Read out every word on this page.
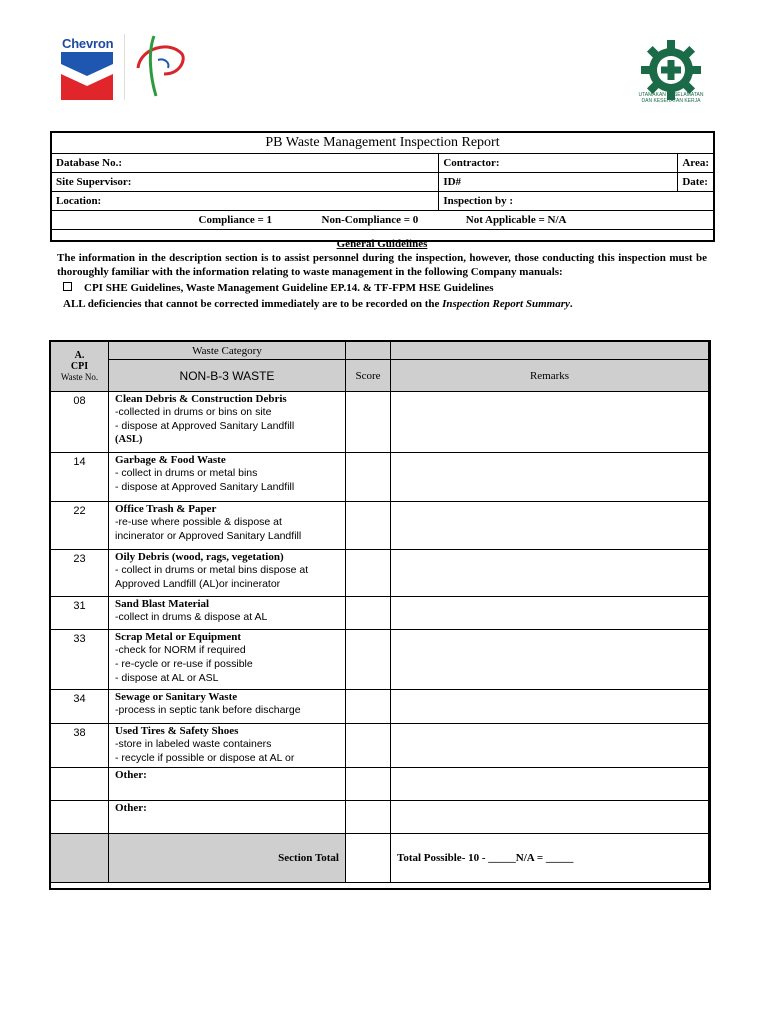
Chevron
UTAMAKAN KESELAMATAN
DAN KESEHATAN KERJA
PB Waste Management Inspection Report		
Database No.:	Contractor:	Area:
Site Supervisor:	ID#	Date:
Location:	Inspection by :	
Compliance = 1 Non-Compliance = 0 Not Applicable = N/A		
General Guidelines
The information in the description section is to assist personnel during the inspection, however, those conducting this inspection must be thoroughly familiar with the information relating to waste management in the following Company manuals:
CPI SHE Guidelines, Waste Management Guideline EP.14. & TF-FPM HSE Guidelines
ALL deficiencies that cannot be corrected immediately are to be recorded on the Inspection Report Summary.
A.
CPI
Waste No.	Waste Category		
	NON-B-3 WASTE	Score	Remarks
08	Clean Debris & Construction Debris
-collected in drums or bins on site
- dispose at Approved Sanitary Landfill
(ASL)		

14	Garbage & Food Waste
- collect in drums or metal bins
- dispose at Approved Sanitary Landfill		

22	Office Trash & Paper
-re-use where possible & dispose at
incinerator or Approved Sanitary Landfill		

23	Oily Debris (wood, rags, vegetation)
- collect in drums or metal bins dispose at
Approved Landfill (AL)or incinerator		

31	Sand Blast Material
-collect in drums & dispose at AL		

33	Scrap Metal or Equipment
-check for NORM if required
- re-cycle or re-use if possible
- dispose at AL or ASL		

34	Sewage or Sanitary Waste
-process in septic tank before discharge		

38	Used Tires & Safety Shoes
-store in labeled waste containers
- recycle if possible or dispose at AL or		

	Other:		

	Other:		

	Section Total		Total Possible- 10 - _____N/A = _____
